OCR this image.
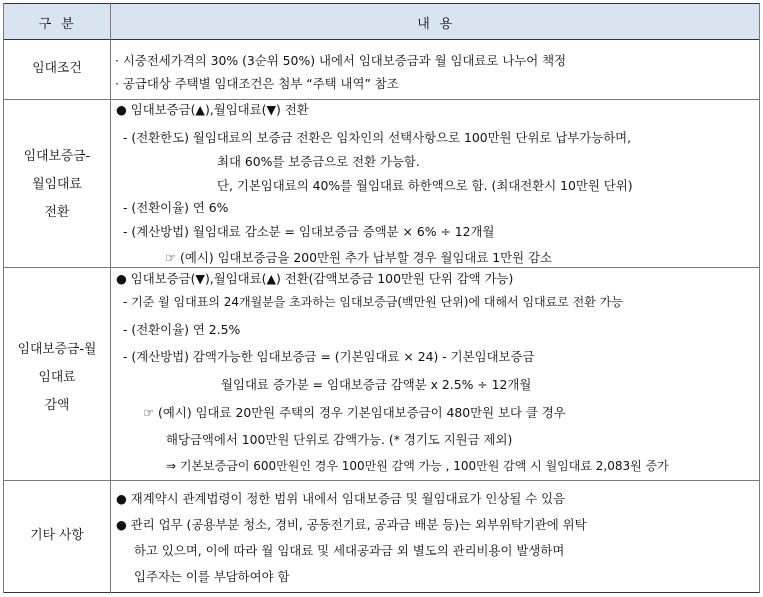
구  분	내  용
임대조건
· 시중전세가격의 30% (3순위 50%) 내에서 임대보증금과 월 임대료로 나누어 책정
· 공급대상 주택별 임대조건은 첨부 “주택 내역” 참조
임대보증금-
월임대료
전환
● 임대보증금(▲),월임대료(▼) 전환
- (전환한도) 월임대료의 보증금 전환은 임차인의 선택사항으로 100만원 단위로 납부가능하며,
최대 60%를 보증금으로 전환 가능함.
단, 기본임대료의 40%를 월임대료 하한액으로 함. (최대전환시 10만원 단위)
- (전환이율) 연 6%
- (계산방법) 월임대료 감소분 = 임대보증금 증액분 × 6% ÷ 12개월
☞ (예시) 임대보증금을 200만원 추가 납부할 경우 월임대료 1만원 감소
임대보증금-월
임대료
감액
● 임대보증금(▼),월임대료(▲) 전환(감액보증금 100만원 단위 감액 가능)
- 기준 월 임대표의 24개월분을 초과하는 임대보증금(백만원 단위)에 대해서 임대료로 전환 가능
- (전환이율) 연 2.5%
- (계산방법) 감액가능한 임대보증금 = (기본임대료 × 24) - 기본임대보증금
월임대료 증가분 = 임대보증금 감액분 x 2.5% ÷ 12개월
☞ (예시) 임대료 20만원 주택의 경우 기본임대보증금이 480만원 보다 클 경우
해당금액에서 100만원 단위로 감액가능. (* 경기도 지원금 제외)
⇒ 기본보증금이 600만원인 경우 100만원 감액 가능 , 100만원 감액 시 월임대료 2,083원 증가
기타 사항
● 재계약시 관계법령이 정한 범위 내에서 임대보증금 및 월임대료가 인상될 수 있음
● 관리 업무 (공용부분 청소, 경비, 공동전기료, 공과금 배분 등)는 외부위탁기관에 위탁
하고 있으며, 이에 따라 월 임대료 및 세대공과금 외 별도의 관리비용이 발생하며
입주자는 이를 부담하여야 함
